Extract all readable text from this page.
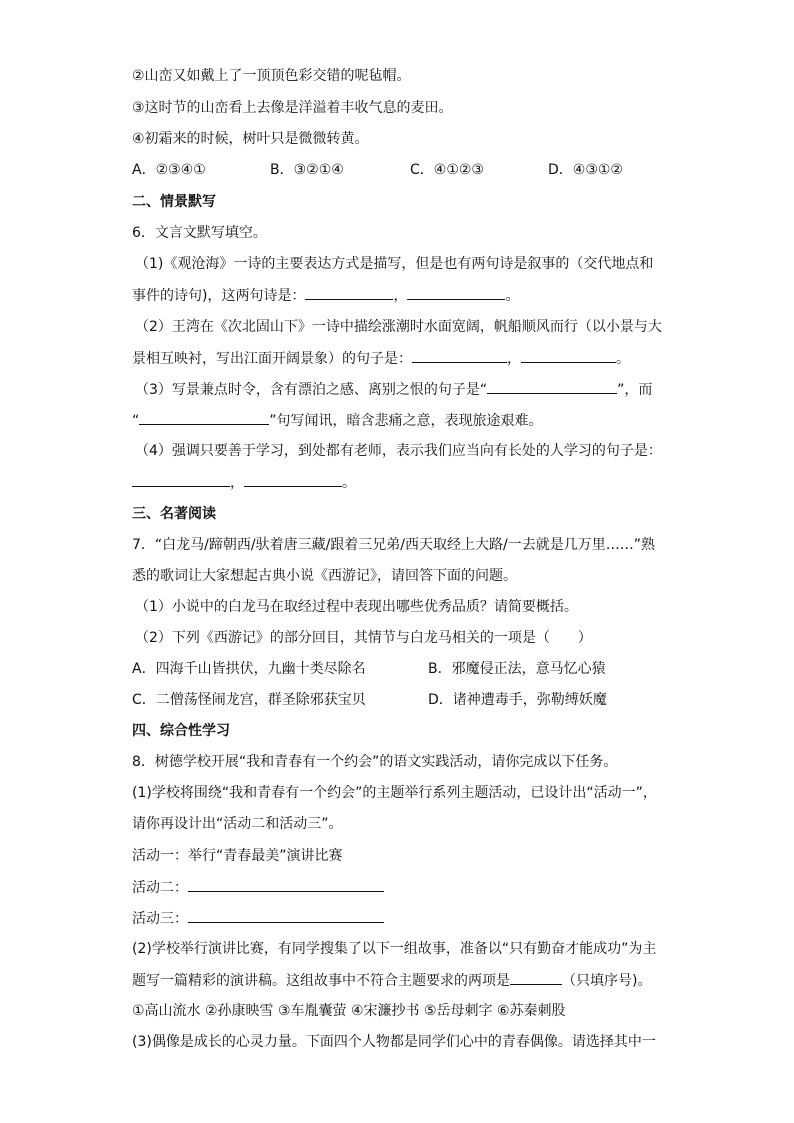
②山峦又如戴上了一顶顶色彩交错的呢毡帽。
③这时节的山峦看上去像是洋溢着丰收气息的麦田。
④初霜来的时候，树叶只是微微转黄。
A．②③④①	B．③②①④	C．④①②③	D．④③①②
二、情景默写
6．文言文默写填空。
（1)《观沧海》一诗的主要表达方式是描写，但是也有两句诗是叙事的（交代地点和
事件的诗句)，这两句诗是：	，	。
（2）王湾在《次北固山下》一诗中描绘涨潮时水面宽阔，帆船顺风而行（以小景与大
景相互映衬，写出江面开阔景象）的句子是：	，	。
（3）写景兼点时令，含有漂泊之感、离别之恨的句子是“	”，而
“	”句写闻讯，暗含悲痛之意，表现旅途艰难。
（4）强调只要善于学习，到处都有老师，表示我们应当向有长处的人学习的句子是：
，	。
三、名著阅读
7．“白龙马/蹄朝西/驮着唐三藏/跟着三兄弟/西天取经上大路/一去就是几万里……”熟
悉的歌词让大家想起古典小说《西游记》，请回答下面的问题。
（1）小说中的白龙马在取经过程中表现出哪些优秀品质？请简要概括。
（2）下列《西游记》的部分回目，其情节与白龙马相关的一项是（　　）
A．四海千山皆拱伏，九幽十类尽除名	B．邪魔侵正法，意马忆心猿
C．二僧荡怪闹龙宫，群圣除邪获宝贝	D．诸神遭毒手，弥勒缚妖魔
四、综合性学习
8．树德学校开展“我和青春有一个约会”的语文实践活动，请你完成以下任务。
(1)学校将围绕“我和青春有一个约会”的主题举行系列主题活动，已设计出“活动一”，
请你再设计出“活动二和活动三”。
活动一：举行“青春最美”演讲比赛
活动二：
活动三：
(2)学校举行演讲比赛，有同学搜集了以下一组故事，准备以“只有勤奋才能成功”为主
题写一篇精彩的演讲稿。这组故事中不符合主题要求的两项是	（只填序号)。
①高山流水 ②孙康映雪 ③车胤囊萤 ④宋濂抄书 ⑤岳母刺字 ⑥苏秦刺股
(3)偶像是成长的心灵力量。下面四个人物都是同学们心中的青春偶像。请选择其中一
